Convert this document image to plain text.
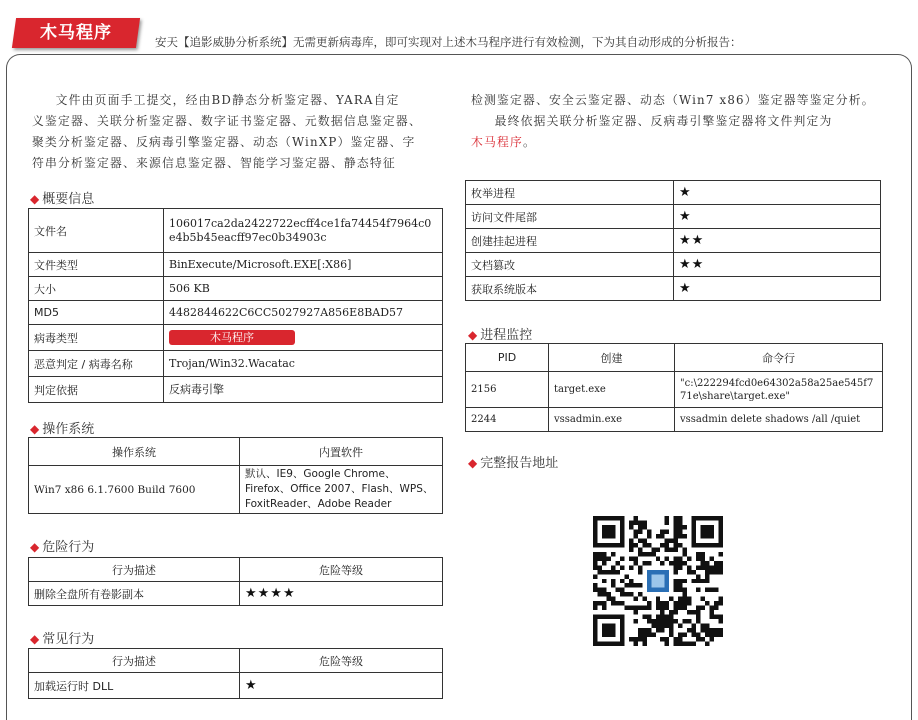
木马程序	安天【追影威胁分析系统】无需更新病毒库，即可实现对上述木马程序进行有效检测，下为其自动形成的分析报告：
文件由页面手工提交，经由BD静态分析鉴定器、YARA自定
义鉴定器、关联分析鉴定器、数字证书鉴定器、元数据信息鉴定器、
聚类分析鉴定器、反病毒引擎鉴定器、动态（WinXP）鉴定器、字
符串分析鉴定器、来源信息鉴定器、智能学习鉴定器、静态特征
检测鉴定器、安全云鉴定器、动态（Win7 x86）鉴定器等鉴定分析。
最终依据关联分析鉴定器、反病毒引擎鉴定器将文件判定为
木马程序。
◆ 概要信息
文件名	106017ca2da2422722ecff4ce1fa74454f7964c0e4b5b45eacff97ec0b34903c
文件类型	BinExecute/Microsoft.EXE[:X86]
大小	506 KB
MD5	4482844622C6CC5027927A856E8BAD57
病毒类型	木马程序
恶意判定 / 病毒名称	Trojan/Win32.Wacatac
判定依据	反病毒引擎
◆ 操作系统
操作系统	内置软件
Win7 x86 6.1.7600 Build 7600	默认、IE9、Google Chrome、Firefox、Office 2007、Flash、WPS、FoxitReader、Adobe Reader
◆ 危险行为
行为描述	危险等级
删除全盘所有卷影副本	★★★★
◆ 常见行为
行为描述	危险等级
加载运行时 DLL	★
枚举进程	★
访问文件尾部	★
创建挂起进程	★★
文档篡改	★★
获取系统版本	★
◆ 进程监控
PID	创建	命令行
2156	target.exe	"c:\222294fcd0e64302a58a25ae545f771e\share\target.exe"
2244	vssadmin.exe	vssadmin delete shadows /all /quiet
◆ 完整报告地址
